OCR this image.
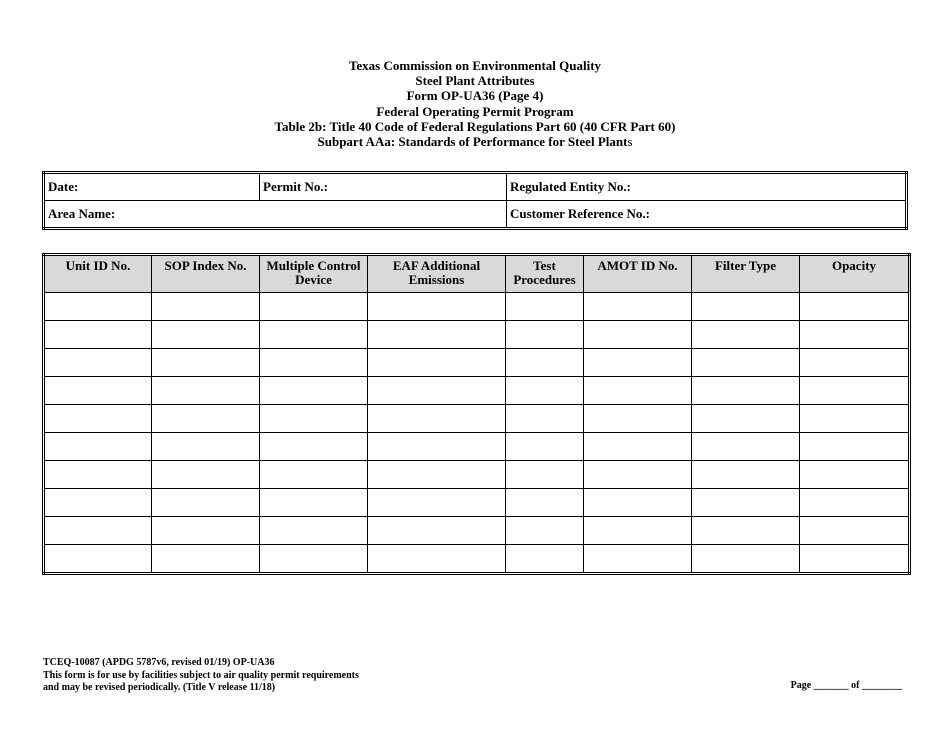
Texas Commission on Environmental Quality
Steel Plant Attributes
Form OP-UA36 (Page 4)
Federal Operating Permit Program
Table 2b: Title 40 Code of Federal Regulations Part 60 (40 CFR Part 60)
Subpart AAa: Standards of Performance for Steel Plants
Date:	Permit No.:	Regulated Entity No.:
Area Name:		Customer Reference No.:
Unit ID No.	SOP Index No.	Multiple Control Device	EAF Additional Emissions	Test Procedures	AMOT ID No.	Filter Type	Opacity

TCEQ-10087 (APDG 5787v6, revised 01/19) OP-UA36
This form is for use by facilities subject to air quality permit requirements
and may be revised periodically. (Title V release 11/18)	Page _______ of ________
